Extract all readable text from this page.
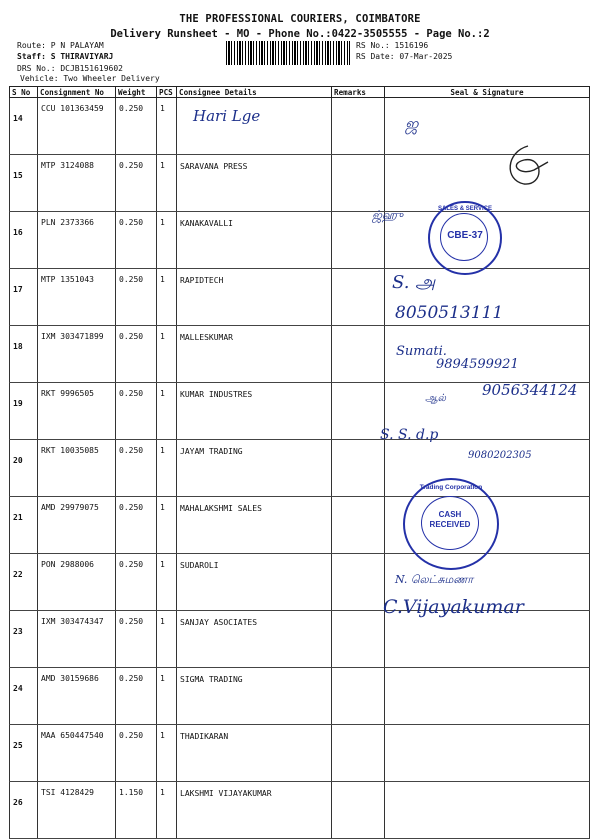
THE PROFESSIONAL COURIERS, COIMBATORE
Delivery Runsheet - MO - Phone No.:0422-3505555 - Page No.:2
Route: P N PALAYAM
Staff: S THIRAVIYARJ
DRS No.: DCJB151619602
Vehicle: Two Wheeler Delivery
RS No.: 1516196
RS Date: 07-Mar-2025
S No	Consignment No	Weight	PCS	Consignee Details	Remarks	Seal & Signature
14	CCU 101363459	0.250	1			
15	MTP 3124088	0.250	1	SARAVANA PRESS		
16	PLN 2373366	0.250	1	KANAKAVALLI		
17	MTP 1351043	0.250	1	RAPIDTECH		
18	IXM 303471899	0.250	1	MALLESKUMAR		
19	RKT 9996505	0.250	1	KUMAR INDUSTRES		
20	RKT 10035085	0.250	1	JAYAM TRADING		
21	AMD 29979075	0.250	1	MAHALAKSHMI SALES		
22	PON 2988006	0.250	1	SUDAROLI		
23	IXM 303474347	0.250	1	SANJAY ASOCIATES		
24	AMD 30159686	0.250	1	SIGMA TRADING		
25	MAA 650447540	0.250	1	THADIKARAN		
26	TSI 4128429	1.150	1	LAKSHMI VIJAYAKUMAR		
Hari Lge	ஜ
ஜ்ஹு
S. அ
8050513111
Sumati.
9894599921
ஆல் 9056344124
S. S. d.p
9080202305
N. லெட்சுமணா
C.Vijayakumar
CBE-37
SALES & SERVICE
CASH RECEIVED
Trading Corporation
